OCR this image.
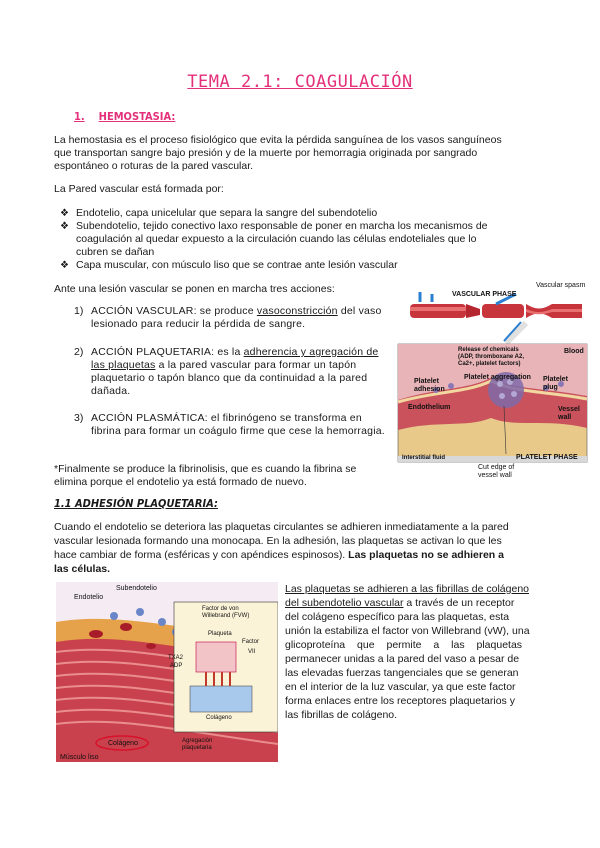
TEMA 2.1: COAGULACIÓN
1. HEMOSTASIA:
La hemostasia es el proceso fisiológico que evita la pérdida sanguínea de los vasos sanguíneos
que transportan sangre bajo presión y de la muerte por hemorragia originada por sangrado
espontáneo o roturas de la pared vascular.
La Pared vascular está formada por:
❖ Endotelio, capa unicelular que separa la sangre del subendotelio
❖ Subendotelio, tejido conectivo laxo responsable de poner en marcha los mecanismos de
coagulación al quedar expuesto a la circulación cuando las células endoteliales que lo
cubren se dañan
❖ Capa muscular, con músculo liso que se contrae ante lesión vascular
Ante una lesión vascular se ponen en marcha tres acciones:
1) ACCIÓN VASCULAR: se produce vasoconstricción del vaso
lesionado para reducir la pérdida de sangre.
2) ACCIÓN PLAQUETARIA: es la adherencia y agregación de
las plaquetas a la pared vascular para formar un tapón
plaquetario o tapón blanco que da continuidad a la pared
dañada.
3) ACCIÓN PLASMÁTICA: el fibrinógeno se transforma en
fibrina para formar un coágulo firme que cese la hemorragia.
*Finalmente se produce la fibrinolisis, que es cuando la fibrina se
elimina porque el endotelio ya está formado de nuevo.
VASCULAR PHASE
Vascular spasm
Release of chemicals
(ADP, thromboxane A2,
Ca2+, platelet factors)
Blood
Platelet
adhesion
Platelet aggregation Platelet
plug
Endothelium	Vessel
wall
Interstitial fluid	PLATELET PHASE
Cut edge of
vessel wall
1.1 ADHESIÓN PLAQUETARIA:
Cuando el endotelio se deteriora las plaquetas circulantes se adhieren inmediatamente a la pared
vascular lesionada formando una monocapa. En la adhesión, las plaquetas se activan lo que les
hace cambiar de forma (esféricas y con apéndices espinosos). Las plaquetas no se adhieren a
las células.
Subendotelio
Endotelio
Factor de von
Willebrand (FVW)
Plaqueta
Factor
VII
TXA2
ADP
Colágeno
Colágeno	Agregación
plaquetaria
Músculo liso
Las plaquetas se adhieren a las fibrillas de colágeno
del subendotelio vascular a través de un receptor
del colágeno específico para las plaquetas, esta
unión la estabiliza el factor von Willebrand (vW), una
glicoproteína que permite a las plaquetas
permanecer unidas a la pared del vaso a pesar de
las elevadas fuerzas tangenciales que se generan
en el interior de la luz vascular, ya que este factor
forma enlaces entre los receptores plaquetarios y
las fibrillas de colágeno.
